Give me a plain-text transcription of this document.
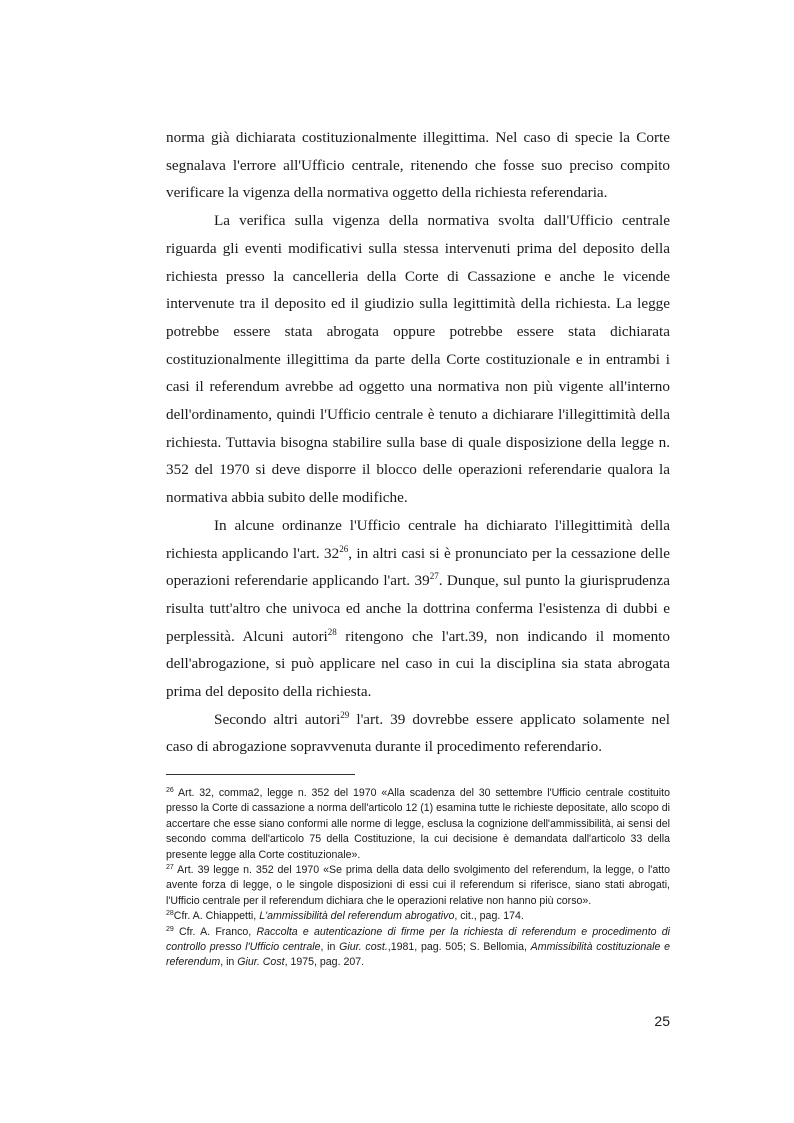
norma già dichiarata costituzionalmente illegittima. Nel caso di specie la Corte segnalava l'errore all'Ufficio centrale, ritenendo che fosse suo preciso compito verificare la vigenza della normativa oggetto della richiesta referendaria.

La verifica sulla vigenza della normativa svolta dall'Ufficio centrale riguarda gli eventi modificativi sulla stessa intervenuti prima del deposito della richiesta presso la cancelleria della Corte di Cassazione e anche le vicende intervenute tra il deposito ed il giudizio sulla legittimità della richiesta. La legge potrebbe essere stata abrogata oppure potrebbe essere stata dichiarata costituzionalmente illegittima da parte della Corte costituzionale e in entrambi i casi il referendum avrebbe ad oggetto una normativa non più vigente all'interno dell'ordinamento, quindi l'Ufficio centrale è tenuto a dichiarare l'illegittimità della richiesta. Tuttavia bisogna stabilire sulla base di quale disposizione della legge n. 352 del 1970 si deve disporre il blocco delle operazioni referendarie qualora la normativa abbia subito delle modifiche.

In alcune ordinanze l'Ufficio centrale ha dichiarato l'illegittimità della richiesta applicando l'art. $32^{26}$, in altri casi si è pronunciato per la cessazione delle operazioni referendarie applicando l'art. $39^{27}$. Dunque, sul punto la giurisprudenza risulta tutt'altro che univoca ed anche la dottrina conferma l'esistenza di dubbi e perplessità. Alcuni autori$^{28}$ ritengono che l'art.39, non indicando il momento dell'abrogazione, si può applicare nel caso in cui la disciplina sia stata abrogata prima del deposito della richiesta.

Secondo altri autori$^{29}$ l'art. 39 dovrebbe essere applicato solamente nel caso di abrogazione sopravvenuta durante il procedimento referendario.

$^{26}$ Art. 32, comma2, legge n. 352 del 1970 «Alla scadenza del 30 settembre l'Ufficio centrale costituito presso la Corte di cassazione a norma dell'articolo 12 (1) esamina tutte le richieste depositate, allo scopo di accertare che esse siano conformi alle norme di legge, esclusa la cognizione dell'ammissibilità, ai sensi del secondo comma dell'articolo 75 della Costituzione, la cui decisione è demandata dall'articolo 33 della presente legge alla Corte costituzionale».

$^{27}$ Art. 39 legge n. 352 del 1970 «Se prima della data dello svolgimento del referendum, la legge, o l'atto avente forza di legge, o le singole disposizioni di essi cui il referendum si riferisce, siano stati abrogati, l'Ufficio centrale per il referendum dichiara che le operazioni relative non hanno più corso».

$^{28}$Cfr. A. Chiappetti, L'ammissibilità del referendum abrogativo, cit., pag. 174.

$^{29}$ Cfr. A. Franco, Raccolta e autenticazione di firme per la richiesta di referendum e procedimento di controllo presso l'Ufficio centrale, in Giur. cost.,1981, pag. 505; S. Bellomia, Ammissibilità costituzionale e referendum, in Giur. Cost, 1975, pag. 207.

25
